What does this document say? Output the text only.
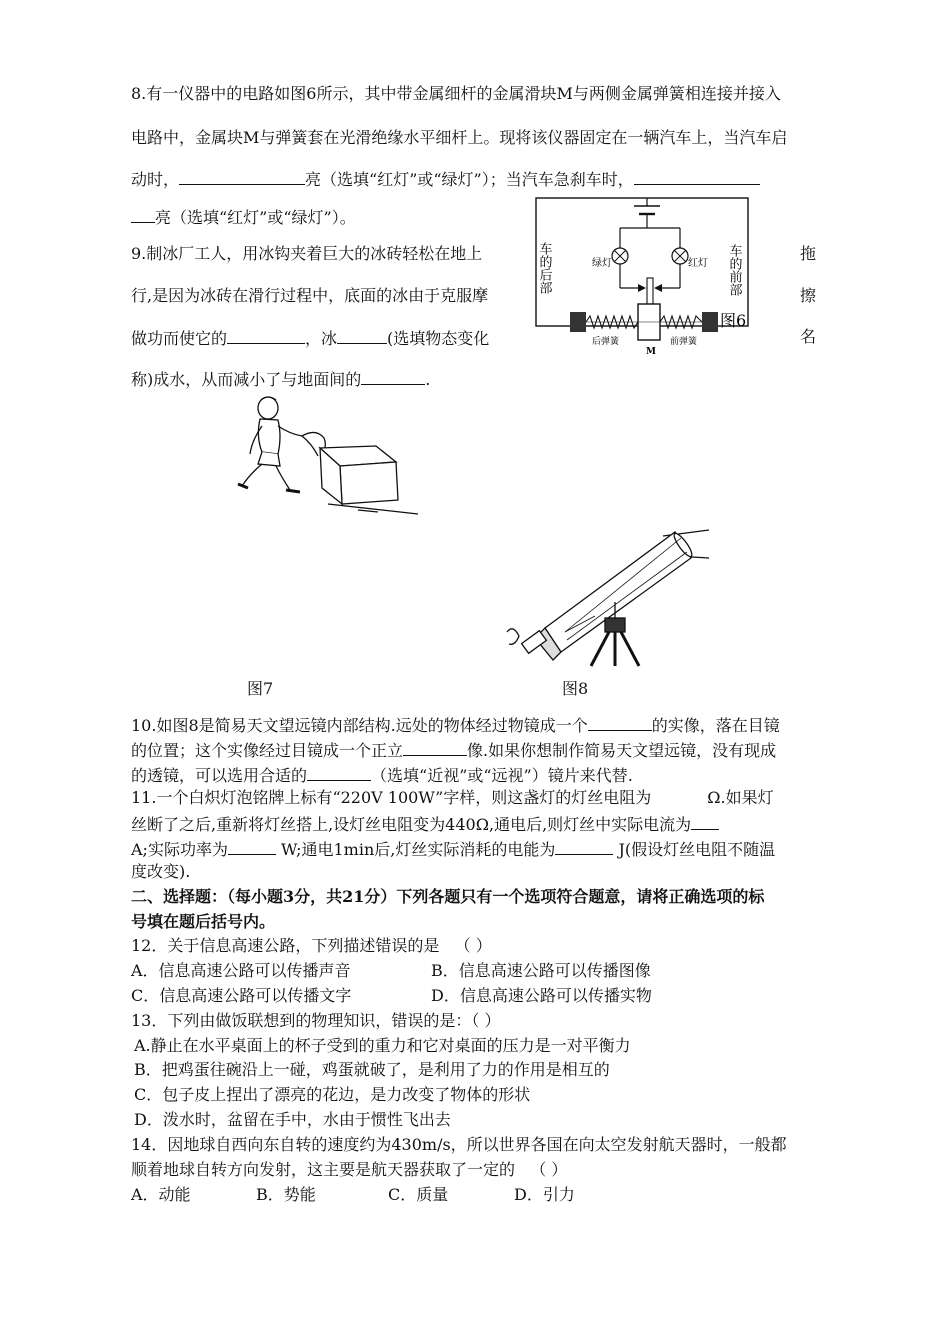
8.有一仪器中的电路如图6所示，其中带金属细杆的金属滑块M与两侧金属弹簧相连接并接入
电路中，金属块M与弹簧套在光滑绝缘水平细杆上。现将该仪器固定在一辆汽车上，当汽车启
动时，	亮（选填“红灯”或“绿灯”）；当汽车急刹车时，
亮（选填“红灯”或“绿灯”）。
9.制冰厂工人，用冰钩夹着巨大的冰砖轻松在地上	拖
行,是因为冰砖在滑行过程中，底面的冰由于克服摩	擦
做功而使它的	，冰	(选填物态变化	名
称)成水，从而减小了与地面间的	.
车的后部	车的前部
绿灯	红灯
后弹簧	前弹簧
M
图6
图7	图8
10.如图8是简易天文望远镜内部结构.远处的物体经过物镜成一个	的实像，落在目镜
的位置；这个实像经过目镜成一个正立	像.如果你想制作简易天文望远镜，没有现成
的透镜，可以选用合适的	（选填“近视”或“远视”）镜片来代替.
11.一个白炽灯泡铭牌上标有“220V 100W”字样，则这盏灯的灯丝电阻为	Ω.如果灯
丝断了之后,重新将灯丝搭上,设灯丝电阻变为440Ω,通电后,则灯丝中实际电流为
A;实际功率为	W;通电1min后,灯丝实际消耗的电能为	J(假设灯丝电阻不随温
度改变).
二、选择题：（每小题3分，共21分）下列各题只有一个选项符合题意，请将正确选项的标
号填在题后括号内。
12．关于信息高速公路，下列描述错误的是 （ ）
A．信息高速公路可以传播声音	B．信息高速公路可以传播图像
C．信息高速公路可以传播文字	D．信息高速公路可以传播实物
13．下列由做饭联想到的物理知识，错误的是：（ ）
A.静止在水平桌面上的杯子受到的重力和它对桌面的压力是一对平衡力
B．把鸡蛋往碗沿上一碰，鸡蛋就破了，是利用了力的作用是相互的
C．包子皮上捏出了漂亮的花边，是力改变了物体的形状
D．泼水时，盆留在手中，水由于惯性飞出去
14．因地球自西向东自转的速度约为430m/s，所以世界各国在向太空发射航天器时，一般都
顺着地球自转方向发射，这主要是航天器获取了一定的 （ ）
A．动能	B．势能	C．质量	D．引力
